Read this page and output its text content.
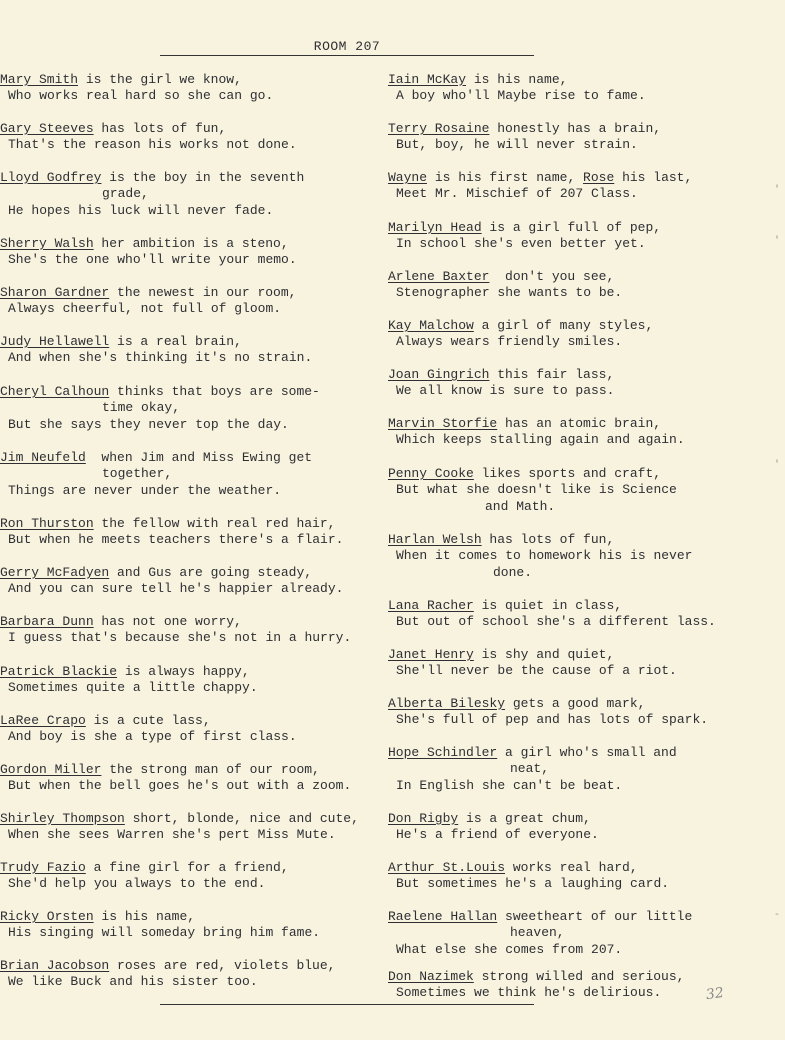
ROOM 207
Mary Smith is the girl we know,
Who works real hard so she can go.
Gary Steeves has lots of fun,
That's the reason his works not done.
Lloyd Godfrey is the boy in the seventh
grade,
He hopes his luck will never fade.
Sherry Walsh her ambition is a steno,
She's the one who'll write your memo.
Sharon Gardner the newest in our room,
Always cheerful, not full of gloom.
Judy Hellawell is a real brain,
And when she's thinking it's no strain.
Cheryl Calhoun thinks that boys are some-
time okay,
But she says they never top the day.
Jim Neufeld  when Jim and Miss Ewing get
together,
Things are never under the weather.
Ron Thurston the fellow with real red hair,
But when he meets teachers there's a flair.
Gerry McFadyen and Gus are going steady,
And you can sure tell he's happier already.
Barbara Dunn has not one worry,
I guess that's because she's not in a hurry.
Patrick Blackie is always happy,
Sometimes quite a little chappy.
LaRee Crapo is a cute lass,
And boy is she a type of first class.
Gordon Miller the strong man of our room,
But when the bell goes he's out with a zoom.
Shirley Thompson short, blonde, nice and cute,
When she sees Warren she's pert Miss Mute.
Trudy Fazio a fine girl for a friend,
She'd help you always to the end.
Ricky Orsten is his name,
His singing will someday bring him fame.
Brian Jacobson roses are red, violets blue,
We like Buck and his sister too.
Iain McKay is his name,
A boy who'll Maybe rise to fame.
Terry Rosaine honestly has a brain,
But, boy, he will never strain.
Wayne is his first name, Rose his last,
Meet Mr. Mischief of 207 Class.
Marilyn Head is a girl full of pep,
In school she's even better yet.
Arlene Baxter  don't you see,
Stenographer she wants to be.
Kay Malchow a girl of many styles,
Always wears friendly smiles.
Joan Gingrich this fair lass,
We all know is sure to pass.
Marvin Storfie has an atomic brain,
Which keeps stalling again and again.
Penny Cooke likes sports and craft,
But what she doesn't like is Science
and Math.
Harlan Welsh has lots of fun,
When it comes to homework his is never
done.
Lana Racher is quiet in class,
But out of school she's a different lass.
Janet Henry is shy and quiet,
She'll never be the cause of a riot.
Alberta Bilesky gets a good mark,
She's full of pep and has lots of spark.
Hope Schindler a girl who's small and
neat,
In English she can't be beat.
Don Rigby is a great chum,
He's a friend of everyone.
Arthur St.Louis works real hard,
But sometimes he's a laughing card.
Raelene Hallan sweetheart of our little
heaven,
What else she comes from 207.
Don Nazimek strong willed and serious,
Sometimes we think he's delirious.	32
'
'
'
-
